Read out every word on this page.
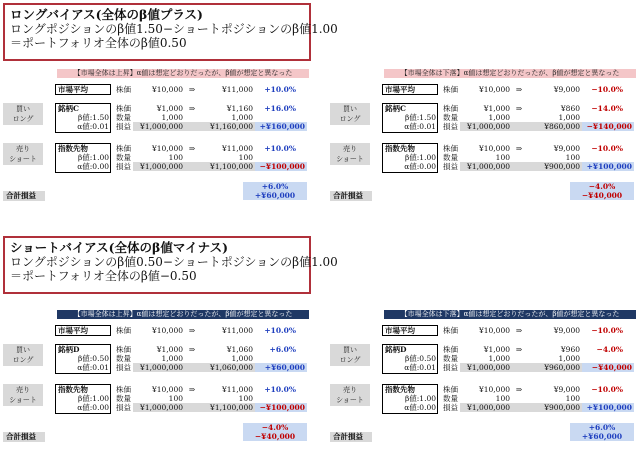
ロングバイアス(全体のβ値プラス)
ロングポジションのβ値1.50−ショートポジションのβ値1.00
＝ポートフォリオ全体のβ値0.50
ショートバイアス(全体のβ値マイナス)
ロングポジションのβ値0.50−ショートポジションのβ値1.00
＝ポートフォリオ全体のβ値−0.50
【市場全体は上昇】α値は想定どおりだったが、β値が想定と異なった
市場平均	株価	¥10,000 ⇒	¥11,000	+10.0%
買い
ロング
銘柄C
β値:1.50
α値:0.01
株価	¥1,000 ⇒	¥1,160	+16.0%
数量	1,000	1,000
損益	¥1,000,000	¥1,160,000 +¥160,000
売り
ショート
指数先物
β値:1.00
α値:0.00
株価	¥10,000 ⇒	¥11,000	+10.0%
数量	100	100
損益	¥1,000,000	¥1,100,000 −¥100,000
+6.0%
+¥60,000
合計損益
【市場全体は下落】α値は想定どおりだったが、β値が想定と異なった
市場平均	株価	¥10,000 ⇒	¥9,000	−10.0%
買い
ロング
銘柄C
β値:1.50
α値:0.01
株価	¥1,000 ⇒	¥860	−14.0%
数量	1,000	1,000
損益	¥1,000,000	¥860,000 −¥140,000
売り
ショート
指数先物
β値:1.00
α値:0.00
株価	¥10,000 ⇒	¥9,000	−10.0%
数量	100	100
損益	¥1,000,000	¥900,000 +¥100,000
−4.0%
−¥40,000
合計損益
【市場全体は上昇】α値は想定どおりだったが、β値が想定と異なった
市場平均	株価	¥10,000 ⇒	¥11,000	+10.0%
買い
ロング
銘柄D
β値:0.50
α値:0.01
株価	¥1,000 ⇒	¥1,060	+6.0%
数量	1,000	1,000
損益	¥1,000,000	¥1,060,000	+¥60,000
売り
ショート
指数先物
β値:1.00
α値:0.00
株価	¥10,000 ⇒	¥11,000	+10.0%
数量	100	100
損益	¥1,000,000	¥1,100,000 −¥100,000
−4.0%
−¥40,000
合計損益
【市場全体は下落】α値は想定どおりだったが、β値が想定と異なった
市場平均	株価	¥10,000 ⇒	¥9,000	−10.0%
買い
ロング
銘柄D
β値:0.50
α値:0.01
株価	¥1,000 ⇒	¥960	−4.0%
数量	1,000	1,000
損益	¥1,000,000	¥960,000	−¥40,000
売り
ショート
指数先物
β値:1.00
α値:0.00
株価	¥10,000 ⇒	¥9,000	−10.0%
数量	100	100
損益	¥1,000,000	¥900,000 +¥100,000
+6.0%
+¥60,000
合計損益
